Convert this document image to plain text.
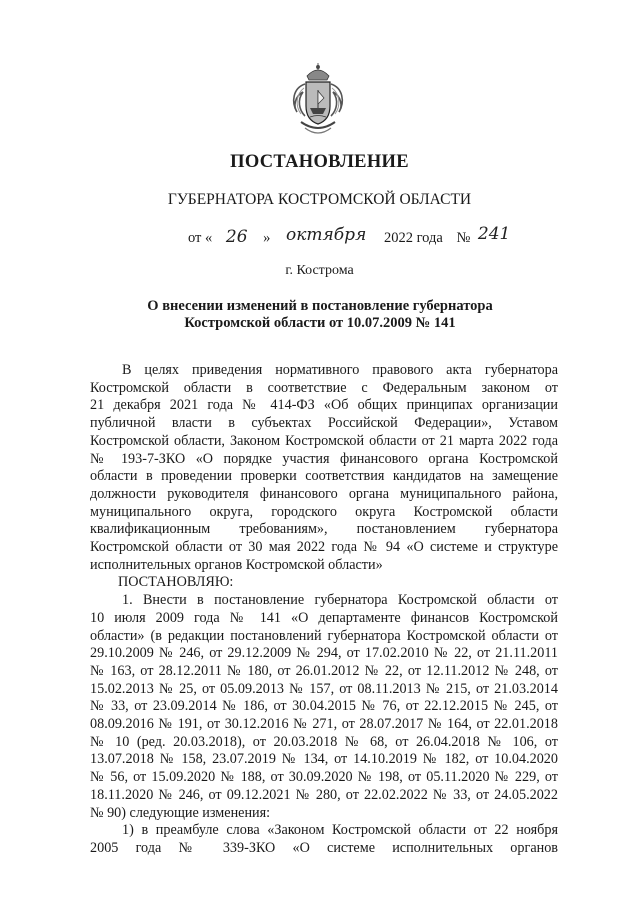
ПОСТАНОВЛЕНИЕ
ГУБЕРНАТОРА КОСТРОМСКОЙ ОБЛАСТИ
от « 26 » октября 2022 года № 241
г. Кострома
О внесении изменений в постановление губернатора
Костромской области от 10.07.2009 № 141
В целях приведения нормативного правового акта губернатора
Костромской области в соответствие с Федеральным законом от
21 декабря 2021 года № 414-ФЗ «Об общих принципах организации
публичной власти в субъектах Российской Федерации», Уставом
Костромской области, Законом Костромской области от 21 марта 2022 года
№ 193-7-ЗКО «О порядке участия финансового органа Костромской
области в проведении проверки соответствия кандидатов на замещение
должности руководителя финансового органа муниципального района,
муниципального округа, городского округа Костромской области
квалификационным требованиям», постановлением губернатора
Костромской области от 30 мая 2022 года № 94 «О системе и структуре
исполнительных органов Костромской области»
ПОСТАНОВЛЯЮ:
1. Внести в постановление губернатора Костромской области от
10 июля 2009 года № 141 «О департаменте финансов Костромской
области» (в редакции постановлений губернатора Костромской области от
29.10.2009 № 246, от 29.12.2009 № 294, от 17.02.2010 № 22, от 21.11.2011
№ 163, от 28.12.2011 № 180, от 26.01.2012 № 22, от 12.11.2012 № 248, от
15.02.2013 № 25, от 05.09.2013 № 157, от 08.11.2013 № 215, от 21.03.2014
№ 33, от 23.09.2014 № 186, от 30.04.2015 № 76, от 22.12.2015 № 245, от
08.09.2016 № 191, от 30.12.2016 № 271, от 28.07.2017 № 164, от 22.01.2018
№ 10 (ред. 20.03.2018), от 20.03.2018 № 68, от 26.04.2018 № 106, от
13.07.2018 № 158, 23.07.2019 № 134, от 14.10.2019 № 182, от 10.04.2020
№ 56, от 15.09.2020 № 188, от 30.09.2020 № 198, от 05.11.2020 № 229, от
18.11.2020 № 246, от 09.12.2021 № 280, от 22.02.2022 № 33, от 24.05.2022
№ 90) следующие изменения:
1) в преамбуле слова «Законом Костромской области от 22 ноября
2005 года № 339-ЗКО «О системе исполнительных органов
